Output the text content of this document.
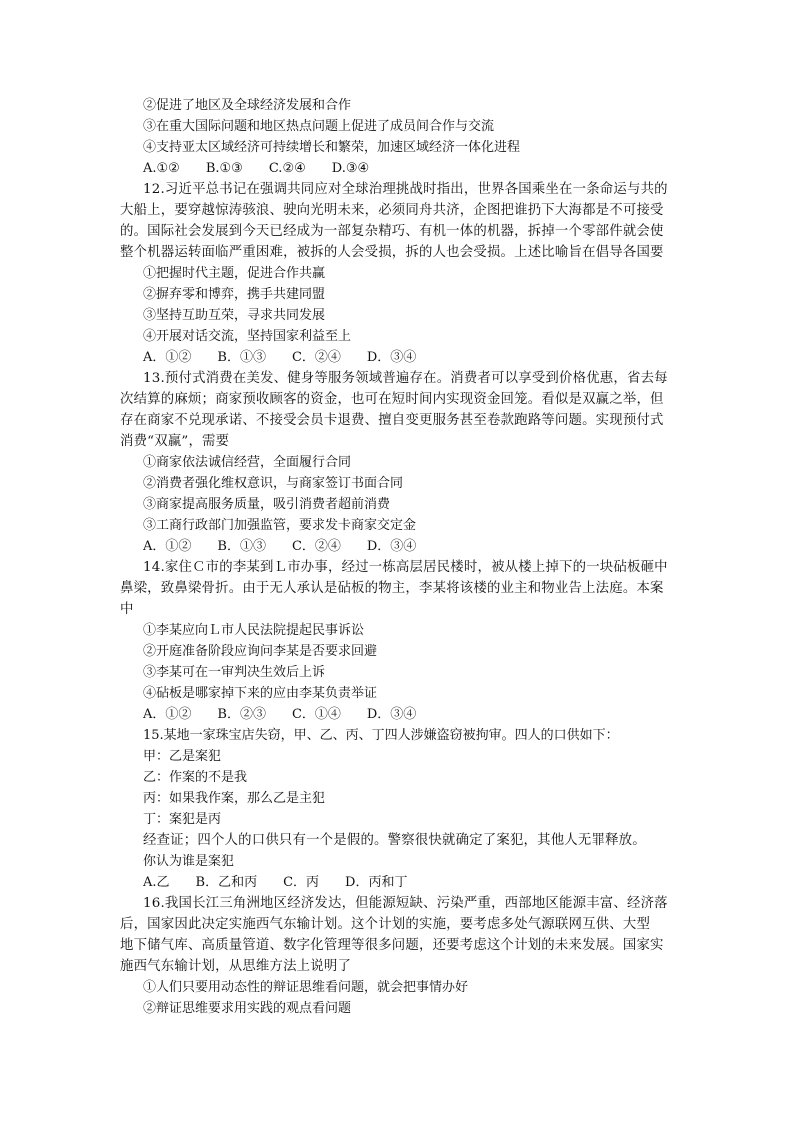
②促进了地区及全球经济发展和合作
③在重大国际问题和地区热点问题上促进了成员间合作与交流
④支持亚太区域经济可持续增长和繁荣，加速区域经济一体化进程
A.①②　　B.①③　　C.②④　　D.③④
12.习近平总书记在强调共同应对全球治理挑战时指出，世界各国乘坐在一条命运与共的
大船上，要穿越惊涛骇浪、驶向光明未来，必须同舟共济，企图把谁扔下大海都是不可接受
的。国际社会发展到今天已经成为一部复杂精巧、有机一体的机器，拆掉一个零部件就会使
整个机器运转面临严重困难，被拆的人会受损，拆的人也会受损。上述比喻旨在倡导各国要
①把握时代主题，促进合作共赢
②摒弃零和博弈，携手共建同盟
③坚持互助互荣，寻求共同发展
④开展对话交流，坚持国家利益至上
A．①②　　B．①③　　C．②④　　D．③④
13.预付式消费在美发、健身等服务领域普遍存在。消费者可以享受到价格优惠，省去每
次结算的麻烦；商家预收顾客的资金，也可在短时间内实现资金回笼。看似是双赢之举，但
存在商家不兑现承诺、不接受会员卡退费、擅自变更服务甚至卷款跑路等问题。实现预付式
消费“双赢”，需要
①商家依法诚信经营，全面履行合同
②消费者强化维权意识，与商家签订书面合同
③商家提高服务质量，吸引消费者超前消费
③工商行政部门加强监管，要求发卡商家交定金
A．①②　　B．①③　　C．②④　　D．③④
14.家住Ｃ市的李某到Ｌ市办事，经过一栋高层居民楼时，被从楼上掉下的一块砧板砸中
鼻梁，致鼻梁骨折。由于无人承认是砧板的物主，李某将该楼的业主和物业告上法庭。本案
中
①李某应向Ｌ市人民法院提起民事诉讼
②开庭准备阶段应询问李某是否要求回避
③李某可在一审判决生效后上诉
④砧板是哪家掉下来的应由李某负责举证
A．①②　　B．②③　　C．①④　　D．③④
15.某地一家珠宝店失窃，甲、乙、丙、丁四人涉嫌盗窃被拘审。四人的口供如下：
甲：乙是案犯
乙：作案的不是我
丙：如果我作案，那么乙是主犯
丁：案犯是丙
经查证；四个人的口供只有一个是假的。警察很快就确定了案犯，其他人无罪释放。
你认为谁是案犯
A.乙　　B．乙和丙　　C．丙　　D．丙和丁
16.我国长江三角洲地区经济发达，但能源短缺、污染严重，西部地区能源丰富、经济落
后，国家因此决定实施西气东输计划。这个计划的实施，要考虑多处气源联网互供、大型
地下储气库、高质量管道、数字化管理等很多问题，还要考虑这个计划的未来发展。国家实
施西气东输计划，从思维方法上说明了
①人们只要用动态性的辩证思维看问题，就会把事情办好
②辩证思维要求用实践的观点看问题
